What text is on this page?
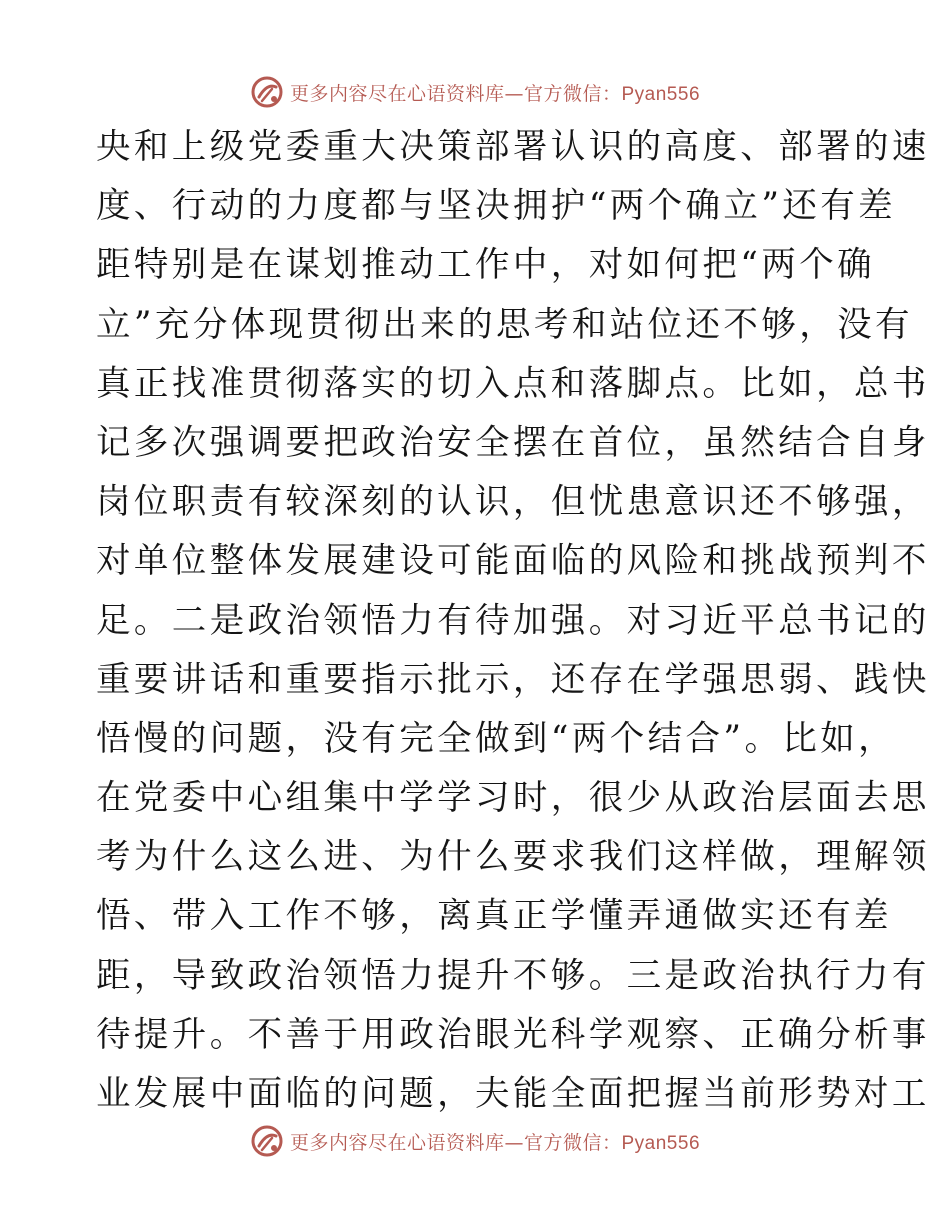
更多内容尽在心语资料库—官方微信：Pyan556
央和上级党委重大决策部署认识的高度、部署的速
度、行动的力度都与坚决拥护“两个确立”还有差
距特别是在谋划推动工作中，对如何把“两个确
立”充分体现贯彻出来的思考和站位还不够，没有
真正找准贯彻落实的切入点和落脚点。比如，总书
记多次强调要把政治安全摆在首位，虽然结合自身
岗位职责有较深刻的认识，但忧患意识还不够强，
对单位整体发展建设可能面临的风险和挑战预判不
足。二是政治领悟力有待加强。对习近平总书记的
重要讲话和重要指示批示，还存在学强思弱、践快
悟慢的问题，没有完全做到“两个结合”。比如，
在党委中心组集中学学习时，很少从政治层面去思
考为什么这么进、为什么要求我们这样做，理解领
悟、带入工作不够，离真正学懂弄通做实还有差
距，导致政治领悟力提升不够。三是政治执行力有
待提升。不善于用政治眼光科学观察、正确分析事
业发展中面临的问题，夫能全面把握当前形势对工
更多内容尽在心语资料库—官方微信：Pyan556
